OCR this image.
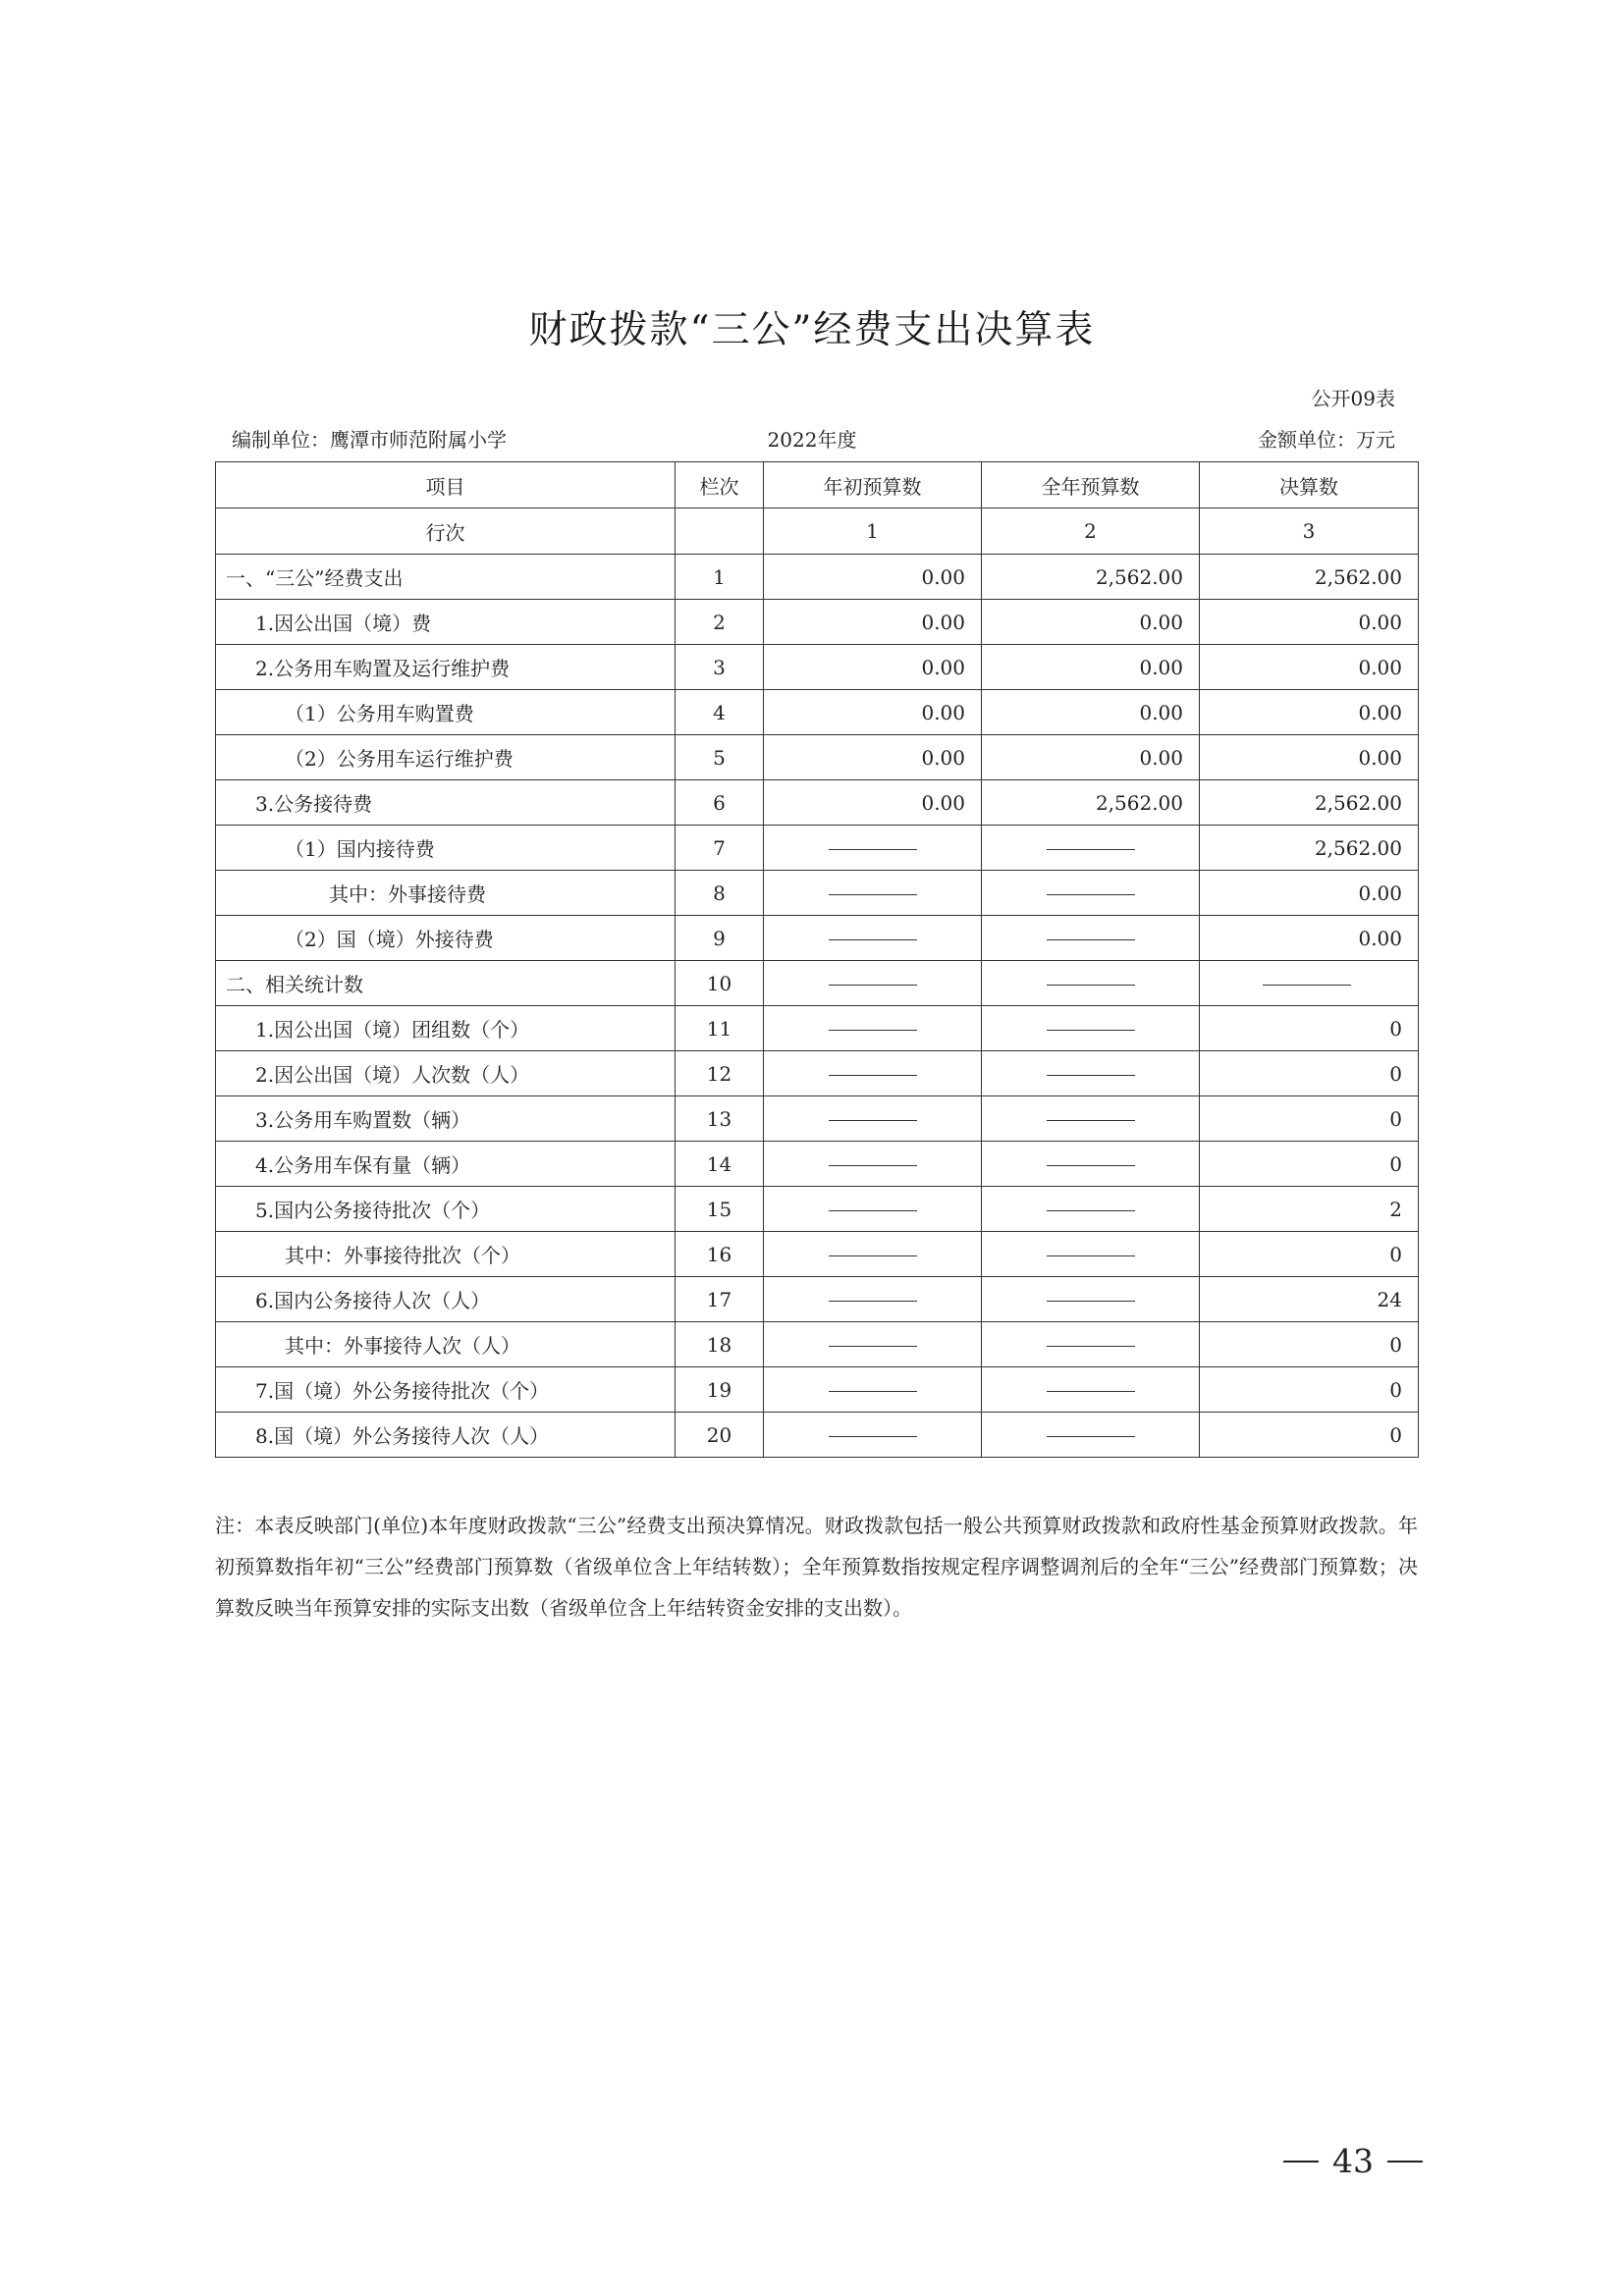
财政拨款“三公”经费支出决算表
公开09表
编制单位：鹰潭市师范附属小学	2022年度	金额单位：万元
项目	栏次	年初预算数	全年预算数	决算数
行次		1	2	3
一、“三公”经费支出	1	0.00	2,562.00	2,562.00
1.因公出国（境）费	2	0.00	0.00	0.00
2.公务用车购置及运行维护费	3	0.00	0.00	0.00
（1）公务用车购置费	4	0.00	0.00	0.00
（2）公务用车运行维护费	5	0.00	0.00	0.00
3.公务接待费	6	0.00	2,562.00	2,562.00
（1）国内接待费	7			2,562.00
其中：外事接待费	8			0.00
（2）国（境）外接待费	9			0.00
二、相关统计数	10			
1.因公出国（境）团组数（个）	11			0
2.因公出国（境）人次数（人）	12			0
3.公务用车购置数（辆）	13			0
4.公务用车保有量（辆）	14			0
5.国内公务接待批次（个）	15			2
其中：外事接待批次（个）	16			0
6.国内公务接待人次（人）	17			24
其中：外事接待人次（人）	18			0
7.国（境）外公务接待批次（个）	19			0
8.国（境）外公务接待人次（人）	20			0
注：本表反映部门(单位)本年度财政拨款“三公”经费支出预决算情况。财政拨款包括一般公共预算财政拨款和政府性基金预算财政拨款。年初预算数指年初“三公”经费部门预算数（省级单位含上年结转数）；全年预算数指按规定程序调整调剂后的全年“三公”经费部门预算数；决算数反映当年预算安排的实际支出数（省级单位含上年结转资金安排的支出数）。
43
